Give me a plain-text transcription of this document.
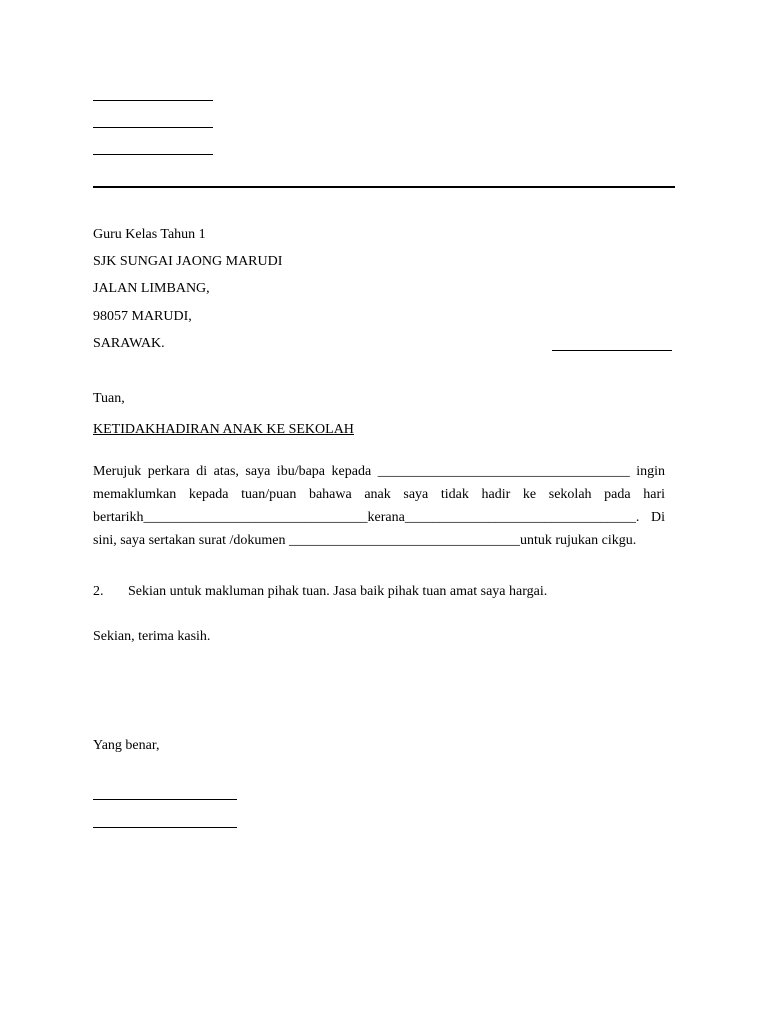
Guru Kelas Tahun 1
SJK SUNGAI JAONG MARUDI
JALAN LIMBANG,
98057 MARUDI,
SARAWAK.
Tuan,
KETIDAKHADIRAN ANAK KE SEKOLAH
Merujuk perkara di atas, saya ibu/bapa kepada ____________________________________ ingin
memaklumkan kepada tuan/puan bahawa anak saya tidak hadir ke sekolah pada hari
bertarikh________________________________kerana_________________________________. Di
sini, saya sertakan surat /dokumen _________________________________untuk rujukan cikgu.
2. Sekian untuk makluman pihak tuan. Jasa baik pihak tuan amat saya hargai.
Sekian, terima kasih.
Yang benar,
